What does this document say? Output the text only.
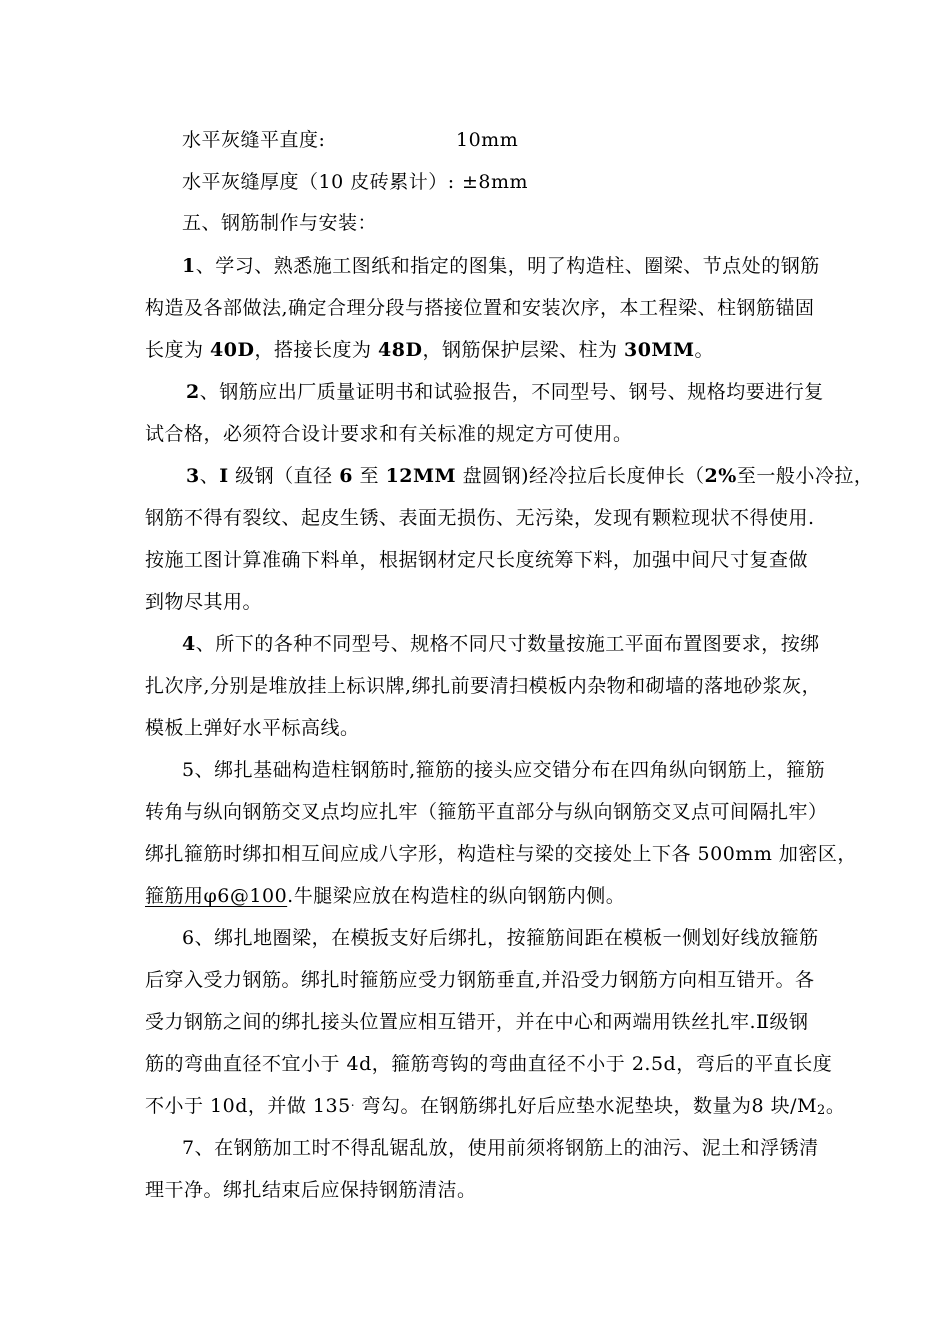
水平灰缝平直度:	10mm
水平灰缝厚度（10 皮砖累计）: ±8mm
五、钢筋制作与安装：
1、学习、熟悉施工图纸和指定的图集，明了构造柱、圈梁、节点处的钢筋
构造及各部做法,确定合理分段与搭接位置和安装次序，本工程梁、柱钢筋锚固
长度为 40D，搭接长度为 48D，钢筋保护层梁、柱为 30MM。
2、钢筋应出厂质量证明书和试验报告，不同型号、钢号、规格均要进行复
试合格，必须符合设计要求和有关标准的规定方可使用。
3、I 级钢（直径 6 至 12MM 盘圆钢)经冷拉后长度伸长（2%至一般小冷拉，
钢筋不得有裂纹、起皮生锈、表面无损伤、无污染，发现有颗粒现状不得使用.
按施工图计算准确下料单，根据钢材定尺长度统筹下料，加强中间尺寸复查做
到物尽其用。
4、所下的各种不同型号、规格不同尺寸数量按施工平面布置图要求，按绑
扎次序,分别是堆放挂上标识牌,绑扎前要清扫模板内杂物和砌墙的落地砂浆灰，
模板上弹好水平标高线。
5、绑扎基础构造柱钢筋时,箍筋的接头应交错分布在四角纵向钢筋上，箍筋
转角与纵向钢筋交叉点均应扎牢（箍筋平直部分与纵向钢筋交叉点可间隔扎牢）
绑扎箍筋时绑扣相互间应成八字形，构造柱与梁的交接处上下各 500mm 加密区，
箍筋用φ6@100.牛腿梁应放在构造柱的纵向钢筋内侧。
6、绑扎地圈梁，在模扳支好后绑扎，按箍筋间距在模板一侧划好线放箍筋
后穿入受力钢筋。绑扎时箍筋应受力钢筋垂直,并沿受力钢筋方向相互错开。各
受力钢筋之间的绑扎接头位置应相互错开，并在中心和两端用铁丝扎牢.Ⅱ级钢
筋的弯曲直径不宜小于 4d，箍筋弯钩的弯曲直径不小于 2.5d，弯后的平直长度
不小于 10d，并做 135. 弯勾。在钢筋绑扎好后应垫水泥垫块，数量为8 块/M2。
7、在钢筋加工时不得乱锯乱放，使用前须将钢筋上的油污、泥土和浮锈清
理干净。绑扎结束后应保持钢筋清洁。
